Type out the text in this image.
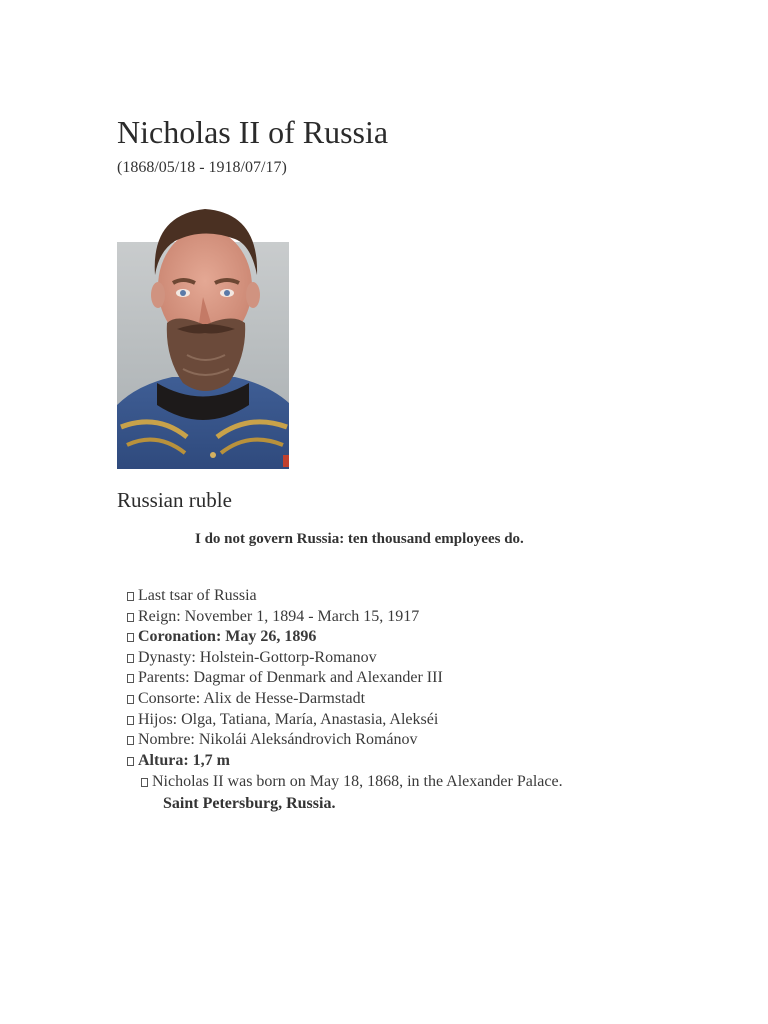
Nicholas II of Russia
(1868/05/18 - 1918/07/17)
Russian ruble
I do not govern Russia: ten thousand employees do.
Last tsar of Russia
Reign: November 1, 1894 - March 15, 1917
Coronation: May 26, 1896
Dynasty: Holstein-Gottorp-Romanov
Parents: Dagmar of Denmark and Alexander III
Consorte: Alix de Hesse-Darmstadt
Hijos: Olga, Tatiana, María, Anastasia, Alekséi
Nombre: Nikolái Aleksándrovich Románov
Altura: 1,7 m
Nicholas II was born on May 18, 1868, in the Alexander Palace.
Saint Petersburg, Russia.
